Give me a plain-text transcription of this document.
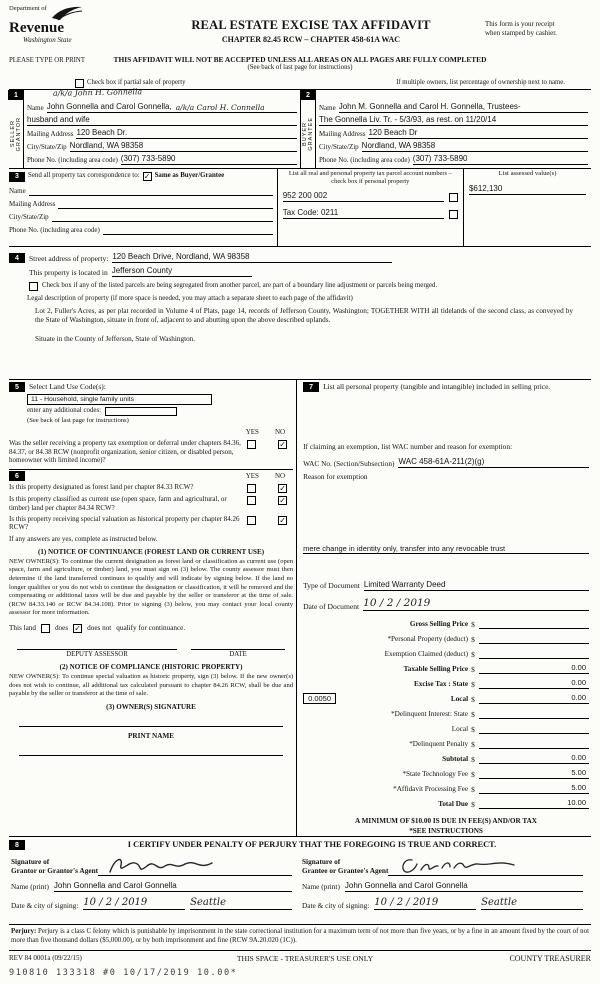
Department of
Revenue
Washington State
REAL ESTATE EXCISE TAX AFFIDAVIT
CHAPTER 82.45 RCW – CHAPTER 458-61A WAC
This form is your receipt
when stamped by cashier.
PLEASE TYPE OR PRINT	THIS AFFIDAVIT WILL NOT BE ACCEPTED UNLESS ALL AREAS ON ALL PAGES ARE FULLY COMPLETED
(See back of last page for instructions)
Check box if partial sale of property	If multiple owners, list percentage of ownership next to name.
1
SELLER GRANTOR
a/k/a John H. Gonnella
Name John Gonnella and Carol Gonnella, a/k/a Carol H. Connella
husband and wife
Mailing Address 120 Beach Dr.
City/State/Zip Nordland, WA 98358
Phone No. (including area code) (307) 733-5890
2
BUYER GRANTEE
Name John M. Gonnella and Carol H. Gonnella, Trustees-
The Gonnella Liv. Tr. - 5/3/93, as rest. on 11/20/14
Mailing Address 120 Beach Dr
City/State/Zip Nordland, WA 98358
Phone No. (including area code) (307) 733-5890
3	Send all property tax correspondence to: ✓ Same as Buyer/Grantee
Name
Mailing Address
City/State/Zip
Phone No. (including area code)
List all real and personal property tax parcel account numbers – check box if personal property
952 200 002
Tax Code: 0211
List assessed value(s)
$612,130
4	Street address of property: 120 Beach Drive, Nordland, WA 98358
This property is located in Jefferson County
Check box if any of the listed parcels are being segregated from another parcel, are part of a boundary line adjustment or parcels being merged.
Legal description of property (if more space is needed, you may attach a separate sheet to each page of the affidavit)
Lot 2, Fuller's Acres, as per plat recorded in Volume 4 of Plats, page 14, records of Jefferson County, Washington; TOGETHER WITH all tidelands of the second class, as conveyed by the State of Washington, situate in front of, adjacent to and abutting upon the above described uplands.
Situate in the County of Jefferson, State of Washington.
5	Select Land Use Code(s):
11 - Household, single family units
enter any additional codes:
(See back of last page for instructions)
YES NO
Was the seller receiving a property tax exemption or deferral under chapters 84.36, 84.37, or 84.38 RCW (nonprofit organization, senior citizen, or disabled person, homeowner with limited income)?
✓
6	YES NO
Is this property designated as forest land per chapter 84.33 RCW?	✓
Is this property classified as current use (open space, farm and agricultural, or timber) land per chapter 84.34 RCW?
✓
Is this property receiving special valuation as historical property per chapter 84.26 RCW?
✓
If any answers are yes, complete as instructed below.
(1) NOTICE OF CONTINUANCE (FOREST LAND OR CURRENT USE)
NEW OWNER(S): To continue the current designation as forest land or classification as current use (open space, farm and agriculture, or timber) land, you must sign on (3) below. The county assessor must then determine if the land transferred continues to qualify and will indicate by signing below. If the land no longer qualifies or you do not wish to continue the designation or classification, it will be removed and the compensating or additional taxes will be due and payable by the seller or transferor at the time of sale. (RCW 84.33.140 or RCW 84.34.108). Prior to signing (3) below, you may contact your local county assessor for more information.
This land	does ✓ does not qualify for continuance.
DEPUTY ASSESSOR	DATE
(2) NOTICE OF COMPLIANCE (HISTORIC PROPERTY)
NEW OWNER(S): To continue special valuation as historic property, sign (3) below. If the new owner(s) does not wish to continue, all additional tax calculated pursuant to chapter 84.26 RCW, shall be due and payable by the seller or transferor at the time of sale.
(3) OWNER(S) SIGNATURE
PRINT NAME
7	List all personal property (tangible and intangible) included in selling price.
If claiming an exemption, list WAC number and reason for exemption:
WAC No. (Section/Subsection) WAC 458-61A-211(2)(g)
Reason for exemption
mere change in identity only, transfer into any revocable trust
Type of Document Limited Warranty Deed
Date of Document 10 / 2 / 2019
Gross Selling Price $
*Personal Property (deduct) $
Exemption Claimed (deduct) $
Taxable Selling Price $	0.00
Excise Tax : State $	0.00
0.0050	Local $	0.00
*Delinquent Interest: State $
Local $
*Delinquent Penalty $
Subtotal $	0.00
*State Technology Fee $	5.00
*Affidavit Processing Fee $	5.00
Total Due $	10.00
A MINIMUM OF $10.00 IS DUE IN FEE(S) AND/OR TAX
*SEE INSTRUCTIONS
8	I CERTIFY UNDER PENALTY OF PERJURY THAT THE FOREGOING IS TRUE AND CORRECT.
Signature of
Grantor or Grantor's Agent
Name (print) John Gonnella and Carol Gonnella
Date & city of signing: 10 / 2 / 2019	Seattle
Signature of
Grantee or Grantee's Agent
Name (print) John Gonnella and Carol Gonnella
Date & city of signing: 10 / 2 / 2019	Seattle
Perjury: Perjury is a class C felony which is punishable by imprisonment in the state correctional institution for a maximum term of not more than five years, or by a fine in an amount fixed by the court of not more than five thousand dollars ($5,000.00), or by both imprisonment and fine (RCW 9A.20.020 (1C)).
REV 84 0001a (09/22/15)	THIS SPACE - TREASURER'S USE ONLY	COUNTY TREASURER
910810 133318 #0 10/17/2019 10.00*
